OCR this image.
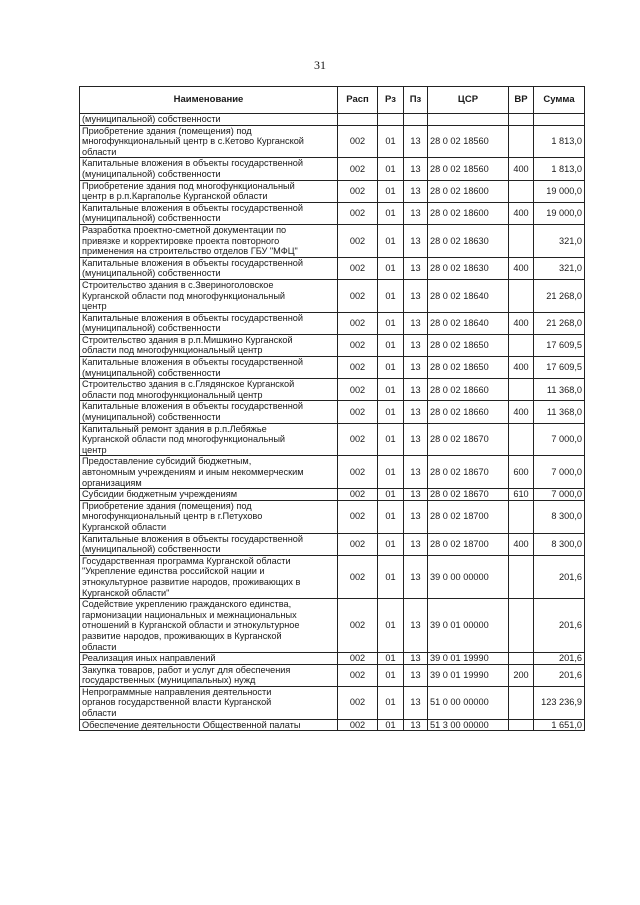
31
Наименование	Расп	Рз	Пз	ЦСР	ВР	Сумма
(муниципальной) собственности						
Приобретение здания (помещения) под
многофункциональный центр в с.Кетово Курганской
области	002	01	13	28 0 02 18560		1 813,0
Капитальные вложения в объекты государственной
(муниципальной) собственности	002	01	13	28 0 02 18560	400	1 813,0
Приобретение здания под многофункциональный
центр в р.п.Каргаполье Курганской области	002	01	13	28 0 02 18600		19 000,0
Капитальные вложения в объекты государственной
(муниципальной) собственности	002	01	13	28 0 02 18600	400	19 000,0
Разработка проектно-сметной документации по
привязке и корректировке проекта повторного
применения на строительство отделов ГБУ "МФЦ"	002	01	13	28 0 02 18630		321,0
Капитальные вложения в объекты государственной
(муниципальной) собственности	002	01	13	28 0 02 18630	400	321,0
Строительство здания в с.Звериноголовское
Курганской области под многофункциональный
центр	002	01	13	28 0 02 18640		21 268,0
Капитальные вложения в объекты государственной
(муниципальной) собственности	002	01	13	28 0 02 18640	400	21 268,0
Строительство здания в р.п.Мишкино Курганской
области под многофункциональный центр	002	01	13	28 0 02 18650		17 609,5
Капитальные вложения в объекты государственной
(муниципальной) собственности	002	01	13	28 0 02 18650	400	17 609,5
Строительство здания в с.Глядянское Курганской
области под многофункциональный центр	002	01	13	28 0 02 18660		11 368,0
Капитальные вложения в объекты государственной
(муниципальной) собственности	002	01	13	28 0 02 18660	400	11 368,0
Капитальный ремонт здания в р.п.Лебяжье
Курганской области под многофункциональный
центр	002	01	13	28 0 02 18670		7 000,0
Предоставление субсидий бюджетным,
автономным учреждениям и иным некоммерческим
организациям	002	01	13	28 0 02 18670	600	7 000,0
Субсидии бюджетным учреждениям	002	01	13	28 0 02 18670	610	7 000,0
Приобретение здания (помещения) под
многофункциональный центр в г.Петухово
Курганской области	002	01	13	28 0 02 18700		8 300,0
Капитальные вложения в объекты государственной
(муниципальной) собственности	002	01	13	28 0 02 18700	400	8 300,0
Государственная программа Курганской области
"Укрепление единства российской нации и
этнокультурное развитие народов, проживающих в
Курганской области"	002	01	13	39 0 00 00000		201,6
Содействие укреплению гражданского единства,
гармонизации национальных и межнациональных
отношений в Курганской области и этнокультурное
развитие народов, проживающих в Курганской
области	002	01	13	39 0 01 00000		201,6
Реализация иных направлений	002	01	13	39 0 01 19990		201,6
Закупка товаров, работ и услуг для обеспечения
государственных (муниципальных) нужд	002	01	13	39 0 01 19990	200	201,6
Непрограммные направления деятельности
органов государственной власти Курганской
области	002	01	13	51 0 00 00000		123 236,9
Обеспечение деятельности Общественной палаты	002	01	13	51 3 00 00000		1 651,0
